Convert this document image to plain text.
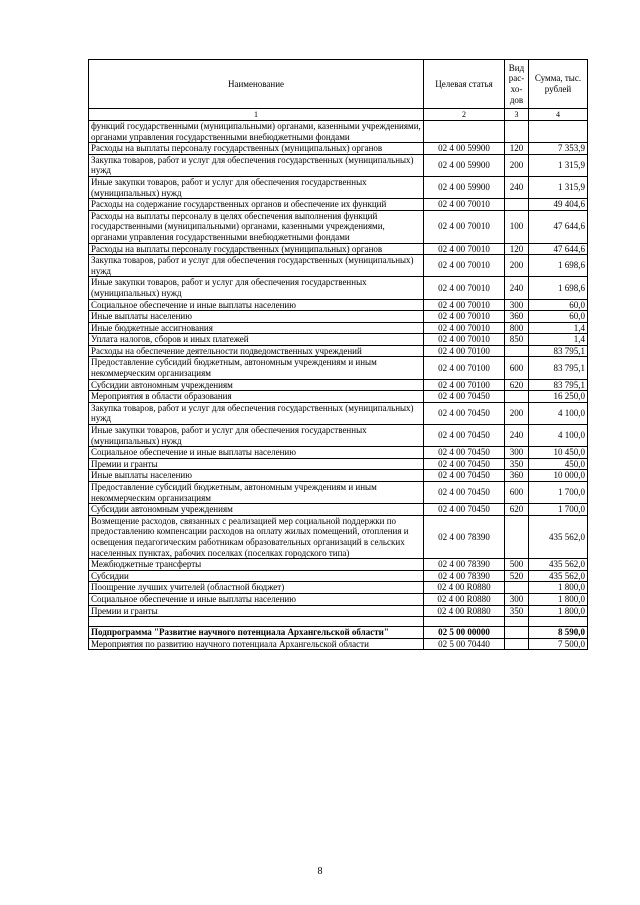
Наименование	Целевая статья	Вид рас-хо-дов	Сумма, тыс. рублей
1	2	3	4
функций государственными (муниципальными) органами, казенными учреждениями, органами управления государственными внебюджетными фондами			
Расходы на выплаты персоналу государственных (муниципальных) органов	02 4 00 59900	120	7 353,9
Закупка товаров, работ и услуг для обеспечения государственных (муниципальных) нужд	02 4 00 59900	200	1 315,9
Иные закупки товаров, работ и услуг для обеспечения государственных (муниципальных) нужд	02 4 00 59900	240	1 315,9
Расходы на содержание государственных органов и обеспечение их функций	02 4 00 70010		49 404,6
Расходы на выплаты персоналу в целях обеспечения выполнения функций государственными (муниципальными) органами, казенными учреждениями, органами управления государственными внебюджетными фондами	02 4 00 70010	100	47 644,6
Расходы на выплаты персоналу государственных (муниципальных) органов	02 4 00 70010	120	47 644,6
Закупка товаров, работ и услуг для обеспечения государственных (муниципальных) нужд	02 4 00 70010	200	1 698,6
Иные закупки товаров, работ и услуг для обеспечения государственных (муниципальных) нужд	02 4 00 70010	240	1 698,6
Социальное обеспечение и иные выплаты населению	02 4 00 70010	300	60,0
Иные выплаты населению	02 4 00 70010	360	60,0
Иные бюджетные ассигнования	02 4 00 70010	800	1,4
Уплата налогов, сборов и иных платежей	02 4 00 70010	850	1,4
Расходы на обеспечение деятельности подведомственных учреждений	02 4 00 70100		83 795,1
Предоставление субсидий бюджетным, автономным учреждениям и иным некоммерческим организациям	02 4 00 70100	600	83 795,1
Субсидии автономным учреждениям	02 4 00 70100	620	83 795,1
Мероприятия в области образования	02 4 00 70450		16 250,0
Закупка товаров, работ и услуг для обеспечения государственных (муниципальных) нужд	02 4 00 70450	200	4 100,0
Иные закупки товаров, работ и услуг для обеспечения государственных (муниципальных) нужд	02 4 00 70450	240	4 100,0
Социальное обеспечение и иные выплаты населению	02 4 00 70450	300	10 450,0
Премии и гранты	02 4 00 70450	350	450,0
Иные выплаты населению	02 4 00 70450	360	10 000,0
Предоставление субсидий бюджетным, автономным учреждениям и иным некоммерческим организациям	02 4 00 70450	600	1 700,0
Субсидии автономным учреждениям	02 4 00 70450	620	1 700,0
Возмещение расходов, связанных с реализацией мер социальной поддержки по предоставлению компенсации расходов на оплату жилых помещений, отопления и освещения педагогическим работникам образовательных организаций в сельских населенных пунктах, рабочих поселках (поселках городского типа)	02 4 00 78390		435 562,0
Межбюджетные трансферты	02 4 00 78390	500	435 562,0
Субсидии	02 4 00 78390	520	435 562,0
Поощрение лучших учителей (областной бюджет)	02 4 00 R0880		1 800,0
Социальное обеспечение и иные выплаты населению	02 4 00 R0880	300	1 800,0
Премии и гранты	02 4 00 R0880	350	1 800,0

Подпрограмма "Развитие научного потенциала Архангельской области"	02 5 00 00000		8 590,0
Мероприятия по развитию научного потенциала Архангельской области	02 5 00 70440		7 500,0
8
